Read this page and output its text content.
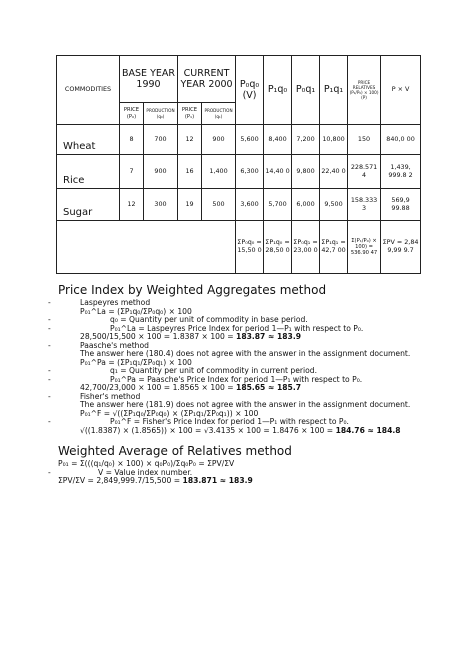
COMMODITIES	BASE YEAR 1990		CURRENT YEAR 2000		P₀q₀ (V)	P₁q₀	P₀q₁	P₁q₁	PRICE RELATIVES (P₁/P₀) × 100) (P)	P × V
	PRICE (P₀)	PRODUCTION (q₀)	PRICE (P₁)	PRODUCTION (q₁)						
Wheat	8	700	12	900	5,600	8,400	7,200	10,800	150	840,0 00
Rice	7	900	16	1,400	6,300	14,40 0	9,800	22,40 0	228.571 4	1,439, 999.8 2
Sugar	12	300	19	500	3,600	5,700	6,000	9,500	158.333 3	569,9 99.88
					ΣP₀q₀ = 15,50 0	ΣP₁q₀ = 28,50 0	ΣP₀q₁ = 23,00 0	ΣP₁q₁ = 42,7 00	Σ(P₁/P₀) × 100) = 536.90 47	ΣPV = 2,84 9,99 9.7
Price Index by Weighted Aggregates method
- Laspeyres method
P₀₁^La = (ΣP₁q₀/ΣP₀q₀) × 100
- q₀ = Quantity per unit of commodity in base period.
- P₀₁^La = Laspeyres Price Index for period 1—P₁ with respect to P₀.
28,500/15,500 × 100 = 1.8387 × 100 = 183.87 ≈ 183.9
- Paasche's method
The answer here (180.4) does not agree with the answer in the assignment document.
P₀₁^Pa = (ΣP₁q₁/ΣP₀q₁) × 100
- q₁ = Quantity per unit of commodity in current period.
- P₀₁^Pa = Paasche's Price Index for period 1—P₁ with respect to P₀.
42,700/23,000 × 100 = 1.8565 × 100 = 185.65 ≈ 185.7
- Fisher's method
The answer here (181.9) does not agree with the answer in the assignment document.
P₀₁^F = √((ΣP₁q₀/ΣP₀q₀) × (ΣP₁q₁/ΣP₀q₁)) × 100
- P₀₁^F = Fisher's Price Index for period 1—P₁ with respect to P₀.
√((1.8387) × (1.8565)) × 100 = √3.4135 × 100 = 1.8476 × 100 = 184.76 ≈ 184.8
Weighted Average of Relatives method
P₀₁ = Σ(((q₁/q₀) × 100) × q₀P₀)/Σq₀P₀ = ΣPV/ΣV
- V = Value index number.
ΣPV/ΣV = 2,849,999.7/15,500 = 183.871 ≈ 183.9
